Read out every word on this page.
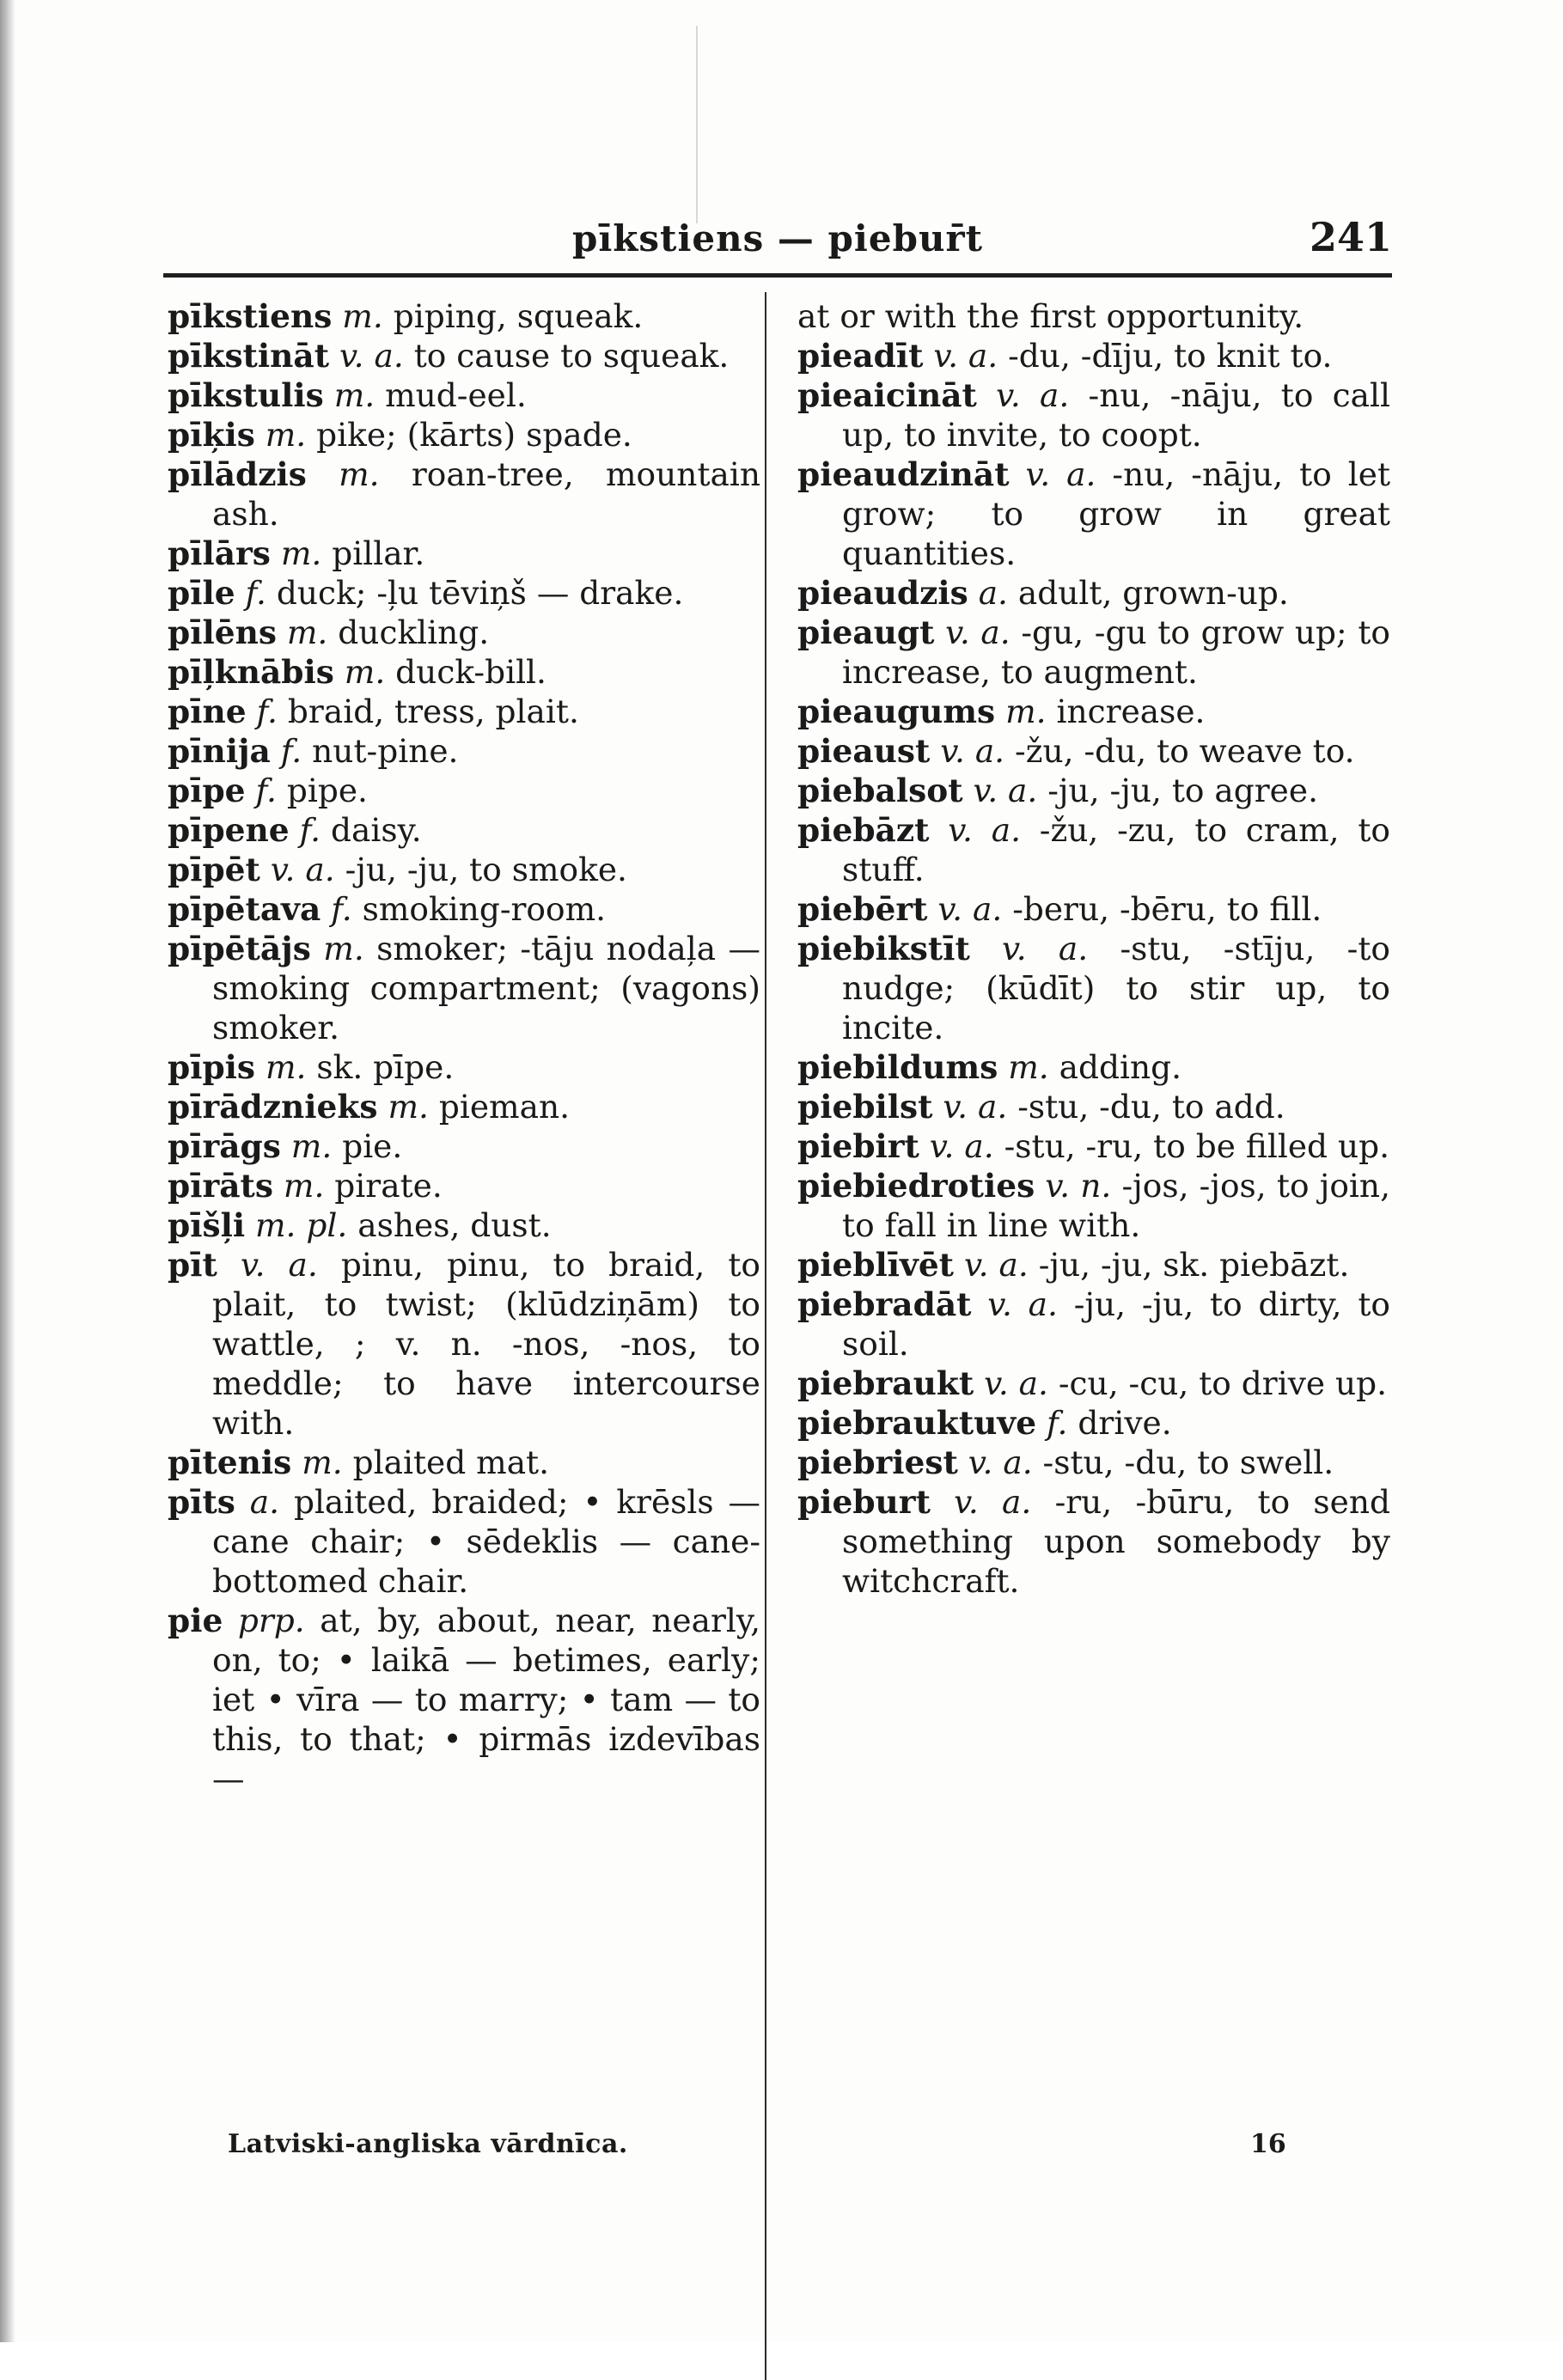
pīkstiens — piebur̄t	241

pīkstiens m. piping, squeak.

pīkstināt v. a. to cause to squeak.

pīkstulis m. mud-eel.

pīķis m. pike; (kārts) spade.

pīlādzis m. roan-tree, mountain ash.

pīlārs m. pillar.

pīle f. duck; -ļu tēviņš — drake.

pīlēns m. duckling.

pīļknābis m. duck-bill.

pīne f. braid, tress, plait.

pīnija f. nut-pine.

pīpe f. pipe.

pīpene f. daisy.

pīpēt v. a. -ju, -ju, to smoke.

pīpētava f. smoking-room.

pīpētājs m. smoker; -tāju nodaļa — smoking compartment; (vagons) smoker.

pīpis m. sk. pīpe.

pīrādznieks m. pieman.

pīrāgs m. pie.

pīrāts m. pirate.

pīšļi m. pl. ashes, dust.

pīt v. a. pinu, pinu, to braid, to plait, to twist; (klūdziņām) to wattle, ; v. n. -nos, -nos, to meddle; to have intercourse with.

pītenis m. plaited mat.

pīts a. plaited, braided; • krēsls — cane chair; • sēdeklis — cane-bottomed chair.

pie prp. at, by, about, near, nearly, on, to; • laikā — betimes, early; iet • vīra — to marry; • tam — to this, to that; • pirmās izdevības —

at or with the first opportunity.

pieadīt v. a. -du, -dīju, to knit to.

pieaicināt v. a. -nu, -nāju, to call up, to invite, to coopt.

pieaudzināt v. a. -nu, -nāju, to let grow; to grow in great quantities.

pieaudzis a. adult, grown-up.

pieaugt v. a. -gu, -gu to grow up; to increase, to augment.

pieaugums m. increase.

pieaust v. a. -žu, -du, to weave to.

piebalsot v. a. -ju, -ju, to agree.

piebāzt v. a. -žu, -zu, to cram, to stuff.

piebērt v. a. -beru, -bēru, to fill.

piebikstīt v. a. -stu, -stīju, -to nudge; (kūdīt) to stir up, to incite.

piebildums m. adding.

piebilst v. a. -stu, -du, to add.

piebirt v. a. -stu, -ru, to be filled up.

piebiedroties v. n. -jos, -jos, to join, to fall in line with.

pieblīvēt v. a. -ju, -ju, sk. piebāzt.

piebradāt v. a. -ju, -ju, to dirty, to soil.

piebraukt v. a. -cu, -cu, to drive up.

piebrauktuve f. drive.

piebriest v. a. -stu, -du, to swell.

pieburt v. a. -ru, -būru, to send something upon somebody by witchcraft.

Latviski-angliska vārdnīca.	16
